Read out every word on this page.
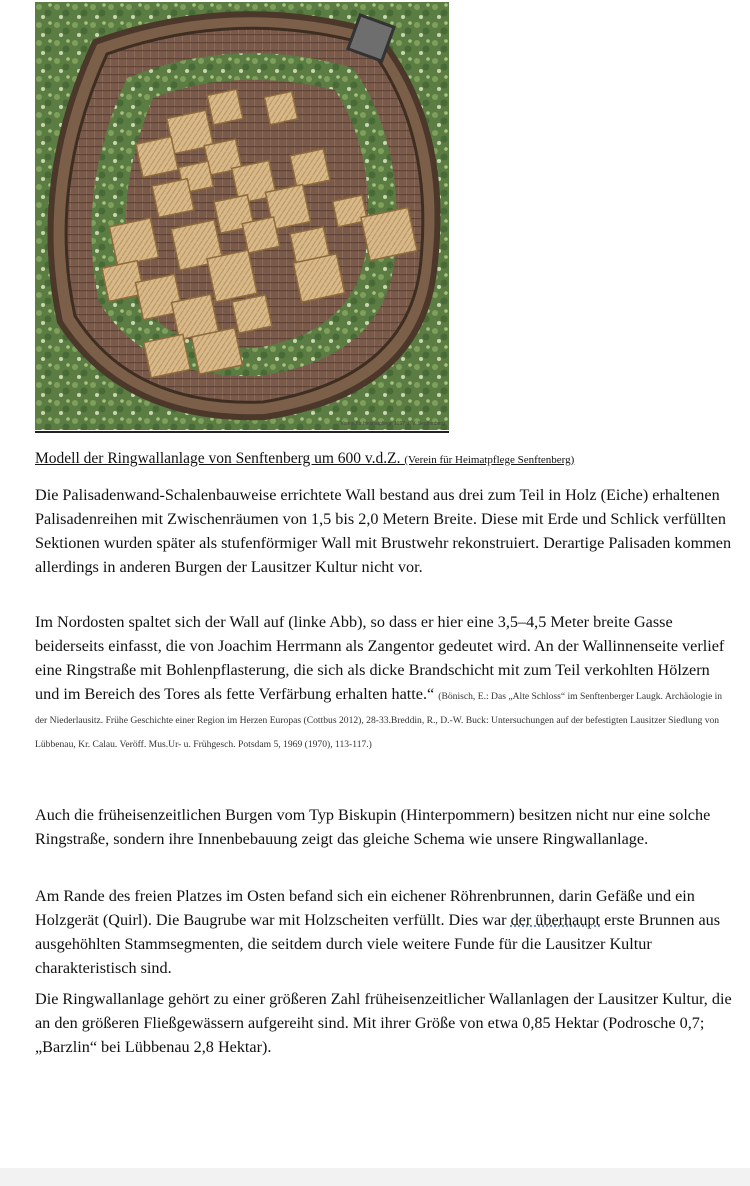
Verein für Heimatpflege 1997 u. V. Senftenberg
Modell der Ringwallanlage von Senftenberg um 600 v.d.Z. (Verein für Heimatpflege Senftenberg)

Die Palisadenwand-Schalenbauweise errichtete Wall bestand aus drei zum Teil in Holz (Eiche) erhaltenen Palisadenreihen mit Zwischenräumen von 1,5 bis 2,0 Metern Breite. Diese mit Erde und Schlick verfüllten Sektionen wurden später als stufenförmiger Wall mit Brustwehr rekonstruiert. Derartige Palisaden kommen allerdings in anderen Burgen der Lausitzer Kultur nicht vor.

Im Nordosten spaltet sich der Wall auf (linke Abb), so dass er hier eine 3,5–4,5 Meter breite Gasse beiderseits einfasst, die von Joachim Herrmann als Zangentor gedeutet wird. An der Wallinnenseite verlief eine Ringstraße mit Bohlenpflasterung, die sich als dicke Brandschicht mit zum Teil verkohlten Hölzern und im Bereich des Tores als fette Verfärbung erhalten hatte.“ (Bönisch, E.: Das „Alte Schloss“ im Senftenberger Laugk. Archäologie in der Niederlausitz. Frühe Geschichte einer Region im Herzen Europas (Cottbus 2012), 28-33.Breddin, R., D.-W. Buck: Untersuchungen auf der befestigten Lausitzer Siedlung von Lübbenau, Kr. Calau. Veröff. Mus.Ur- u. Frühgesch. Potsdam 5, 1969 (1970), 113-117.)

Auch die früheisenzeitlichen Burgen vom Typ Biskupin (Hinterpommern) besitzen nicht nur eine solche Ringstraße, sondern ihre Innenbebauung zeigt das gleiche Schema wie unsere Ringwallanlage.

Am Rande des freien Platzes im Osten befand sich ein eichener Röhrenbrunnen, darin Gefäße und ein Holzgerät (Quirl). Die Baugrube war mit Holzscheiten verfüllt. Dies war der überhaupt erste Brunnen aus ausgehöhlten Stammsegmenten, die seitdem durch viele weitere Funde für die Lausitzer Kultur charakteristisch sind.

Die Ringwallanlage gehört zu einer größeren Zahl früheisenzeitlicher Wallanlagen der Lausitzer Kultur, die an den größeren Fließgewässern aufgereiht sind. Mit ihrer Größe von etwa 0,85 Hektar (Podrosche 0,7; „Barzlin“ bei Lübbenau 2,8 Hektar).
